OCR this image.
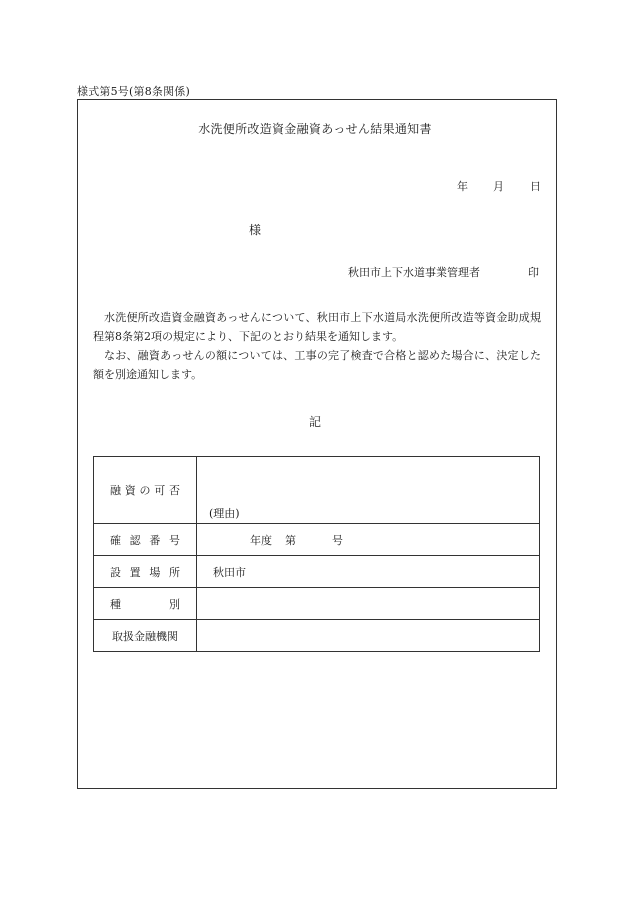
様式第5号(第8条関係)
水洗便所改造資金融資あっせん結果通知書
年 月 日
様
秋田市上下水道事業管理者	印

水洗便所改造資金融資あっせんについて、秋田市上下水道局水洗便所改造等資金助成規程第8条第2項の規定により、下記のとおり結果を通知します。

なお、融資あっせんの額については、工事の完了検査で合格と認めた場合に、決定した額を別途通知します。

記
融 資 の 可 否	(理由)

確 認 番 号	年度 第 号

設 置 場 所	秋田市

種 別	

取扱金融機関	
